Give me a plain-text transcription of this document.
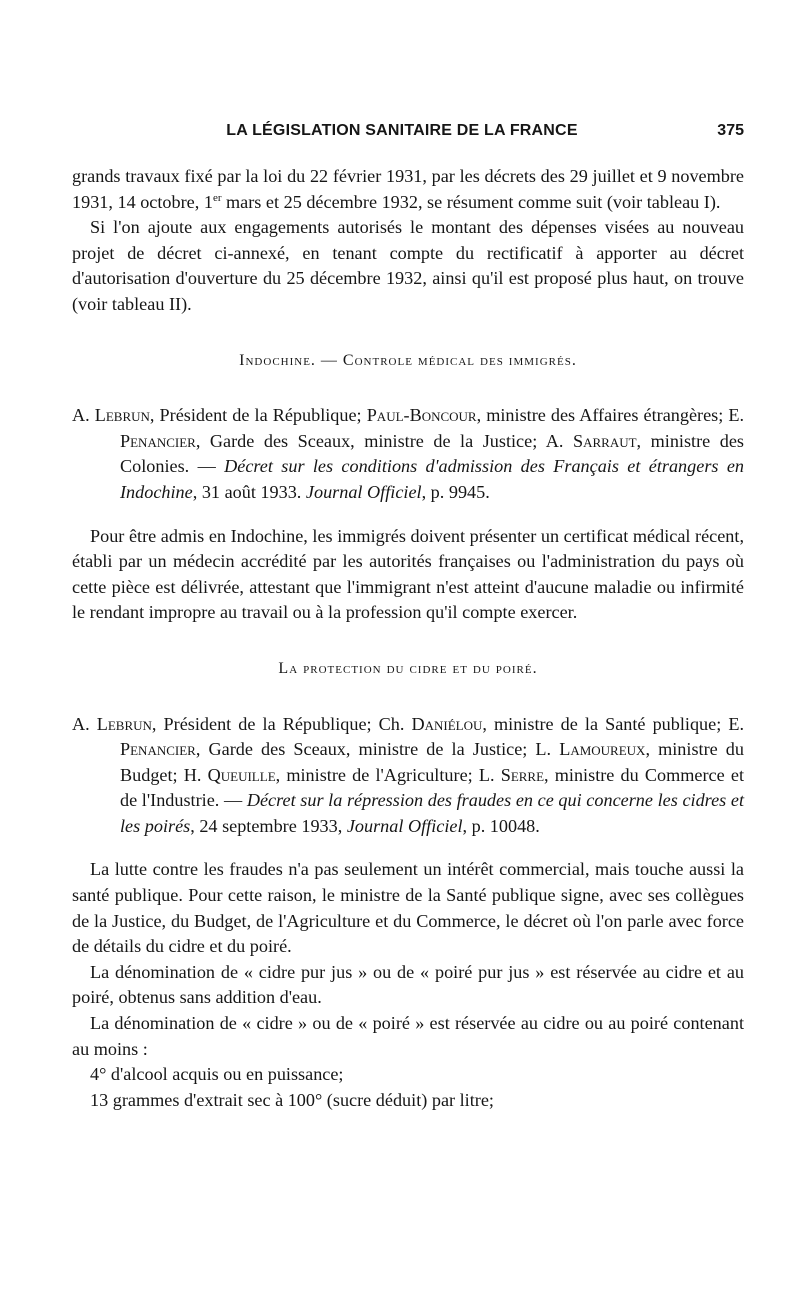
LA LÉGISLATION SANITAIRE DE LA FRANCE	375

grands travaux fixé par la loi du 22 février 1931, par les décrets des 29 juillet et 9 novembre 1931, 14 octobre, 1er mars et 25 décembre 1932, se résument comme suit (voir tableau I).

Si l'on ajoute aux engagements autorisés le montant des dépenses visées au nouveau projet de décret ci-annexé, en tenant compte du rectificatif à apporter au décret d'autorisation d'ouverture du 25 décembre 1932, ainsi qu'il est proposé plus haut, on trouve (voir tableau II).

Indochine. — Controle médical des immigrés.

A. Lebrun, Président de la République; Paul-Boncour, ministre des Affaires étrangères; E. Penancier, Garde des Sceaux, ministre de la Justice; A. Sarraut, ministre des Colonies. — Décret sur les conditions d'admission des Français et étrangers en Indochine, 31 août 1933. Journal Officiel, p. 9945.

Pour être admis en Indochine, les immigrés doivent présenter un certificat médical récent, établi par un médecin accrédité par les autorités françaises ou l'administration du pays où cette pièce est délivrée, attestant que l'immigrant n'est atteint d'aucune maladie ou infirmité le rendant impropre au travail ou à la profession qu'il compte exercer.

La protection du cidre et du poiré.

A. Lebrun, Président de la République; Ch. Daniélou, ministre de la Santé publique; E. Penancier, Garde des Sceaux, ministre de la Justice; L. Lamoureux, ministre du Budget; H. Queuille, ministre de l'Agriculture; L. Serre, ministre du Commerce et de l'Industrie. — Décret sur la répression des fraudes en ce qui concerne les cidres et les poirés, 24 septembre 1933, Journal Officiel, p. 10048.

La lutte contre les fraudes n'a pas seulement un intérêt commercial, mais touche aussi la santé publique. Pour cette raison, le ministre de la Santé publique signe, avec ses collègues de la Justice, du Budget, de l'Agriculture et du Commerce, le décret où l'on parle avec force de détails du cidre et du poiré.

La dénomination de « cidre pur jus » ou de « poiré pur jus » est réservée au cidre et au poiré, obtenus sans addition d'eau.

La dénomination de « cidre » ou de « poiré » est réservée au cidre ou au poiré contenant au moins :

4° d'alcool acquis ou en puissance;

13 grammes d'extrait sec à 100° (sucre déduit) par litre;
